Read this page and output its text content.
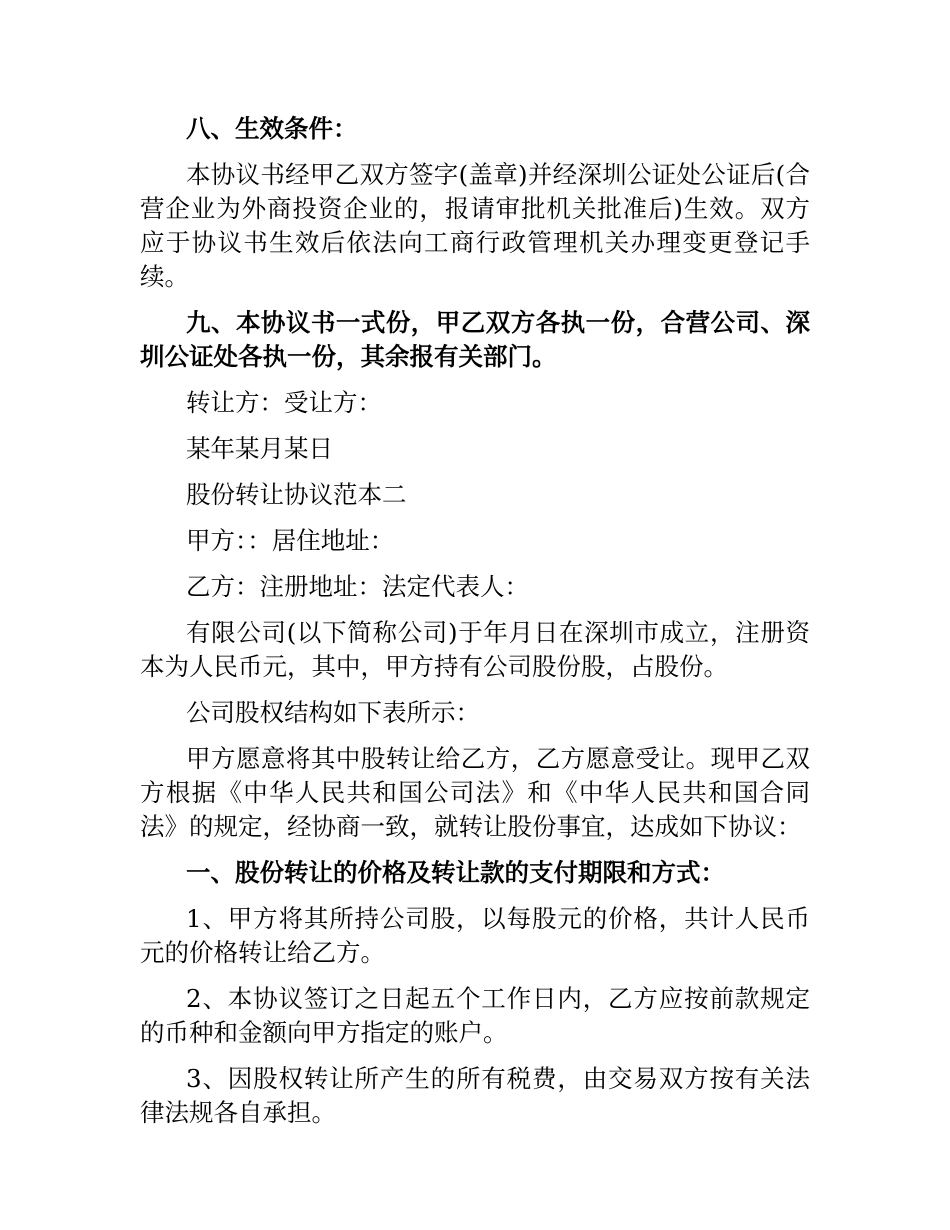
八、生效条件：

本协议书经甲乙双方签字(盖章)并经深圳公证处公证后(合营企业为外商投资企业的，报请审批机关批准后)生效。双方应于协议书生效后依法向工商行政管理机关办理变更登记手续。

九、本协议书一式份，甲乙双方各执一份，合营公司、深圳公证处各执一份，其余报有关部门。

转让方：受让方：

某年某月某日

股份转让协议范本二

甲方：：居住地址：

乙方：注册地址：法定代表人：

有限公司(以下简称公司)于年月日在深圳市成立，注册资本为人民币元，其中，甲方持有公司股份股，占股份。

公司股权结构如下表所示：

甲方愿意将其中股转让给乙方，乙方愿意受让。现甲乙双方根据《中华人民共和国公司法》和《中华人民共和国合同法》的规定，经协商一致，就转让股份事宜，达成如下协议：

一、股份转让的价格及转让款的支付期限和方式：

1、甲方将其所持公司股，以每股元的价格，共计人民币元的价格转让给乙方。

2、本协议签订之日起五个工作日内，乙方应按前款规定的币种和金额向甲方指定的账户。

3、因股权转让所产生的所有税费，由交易双方按有关法律法规各自承担。
